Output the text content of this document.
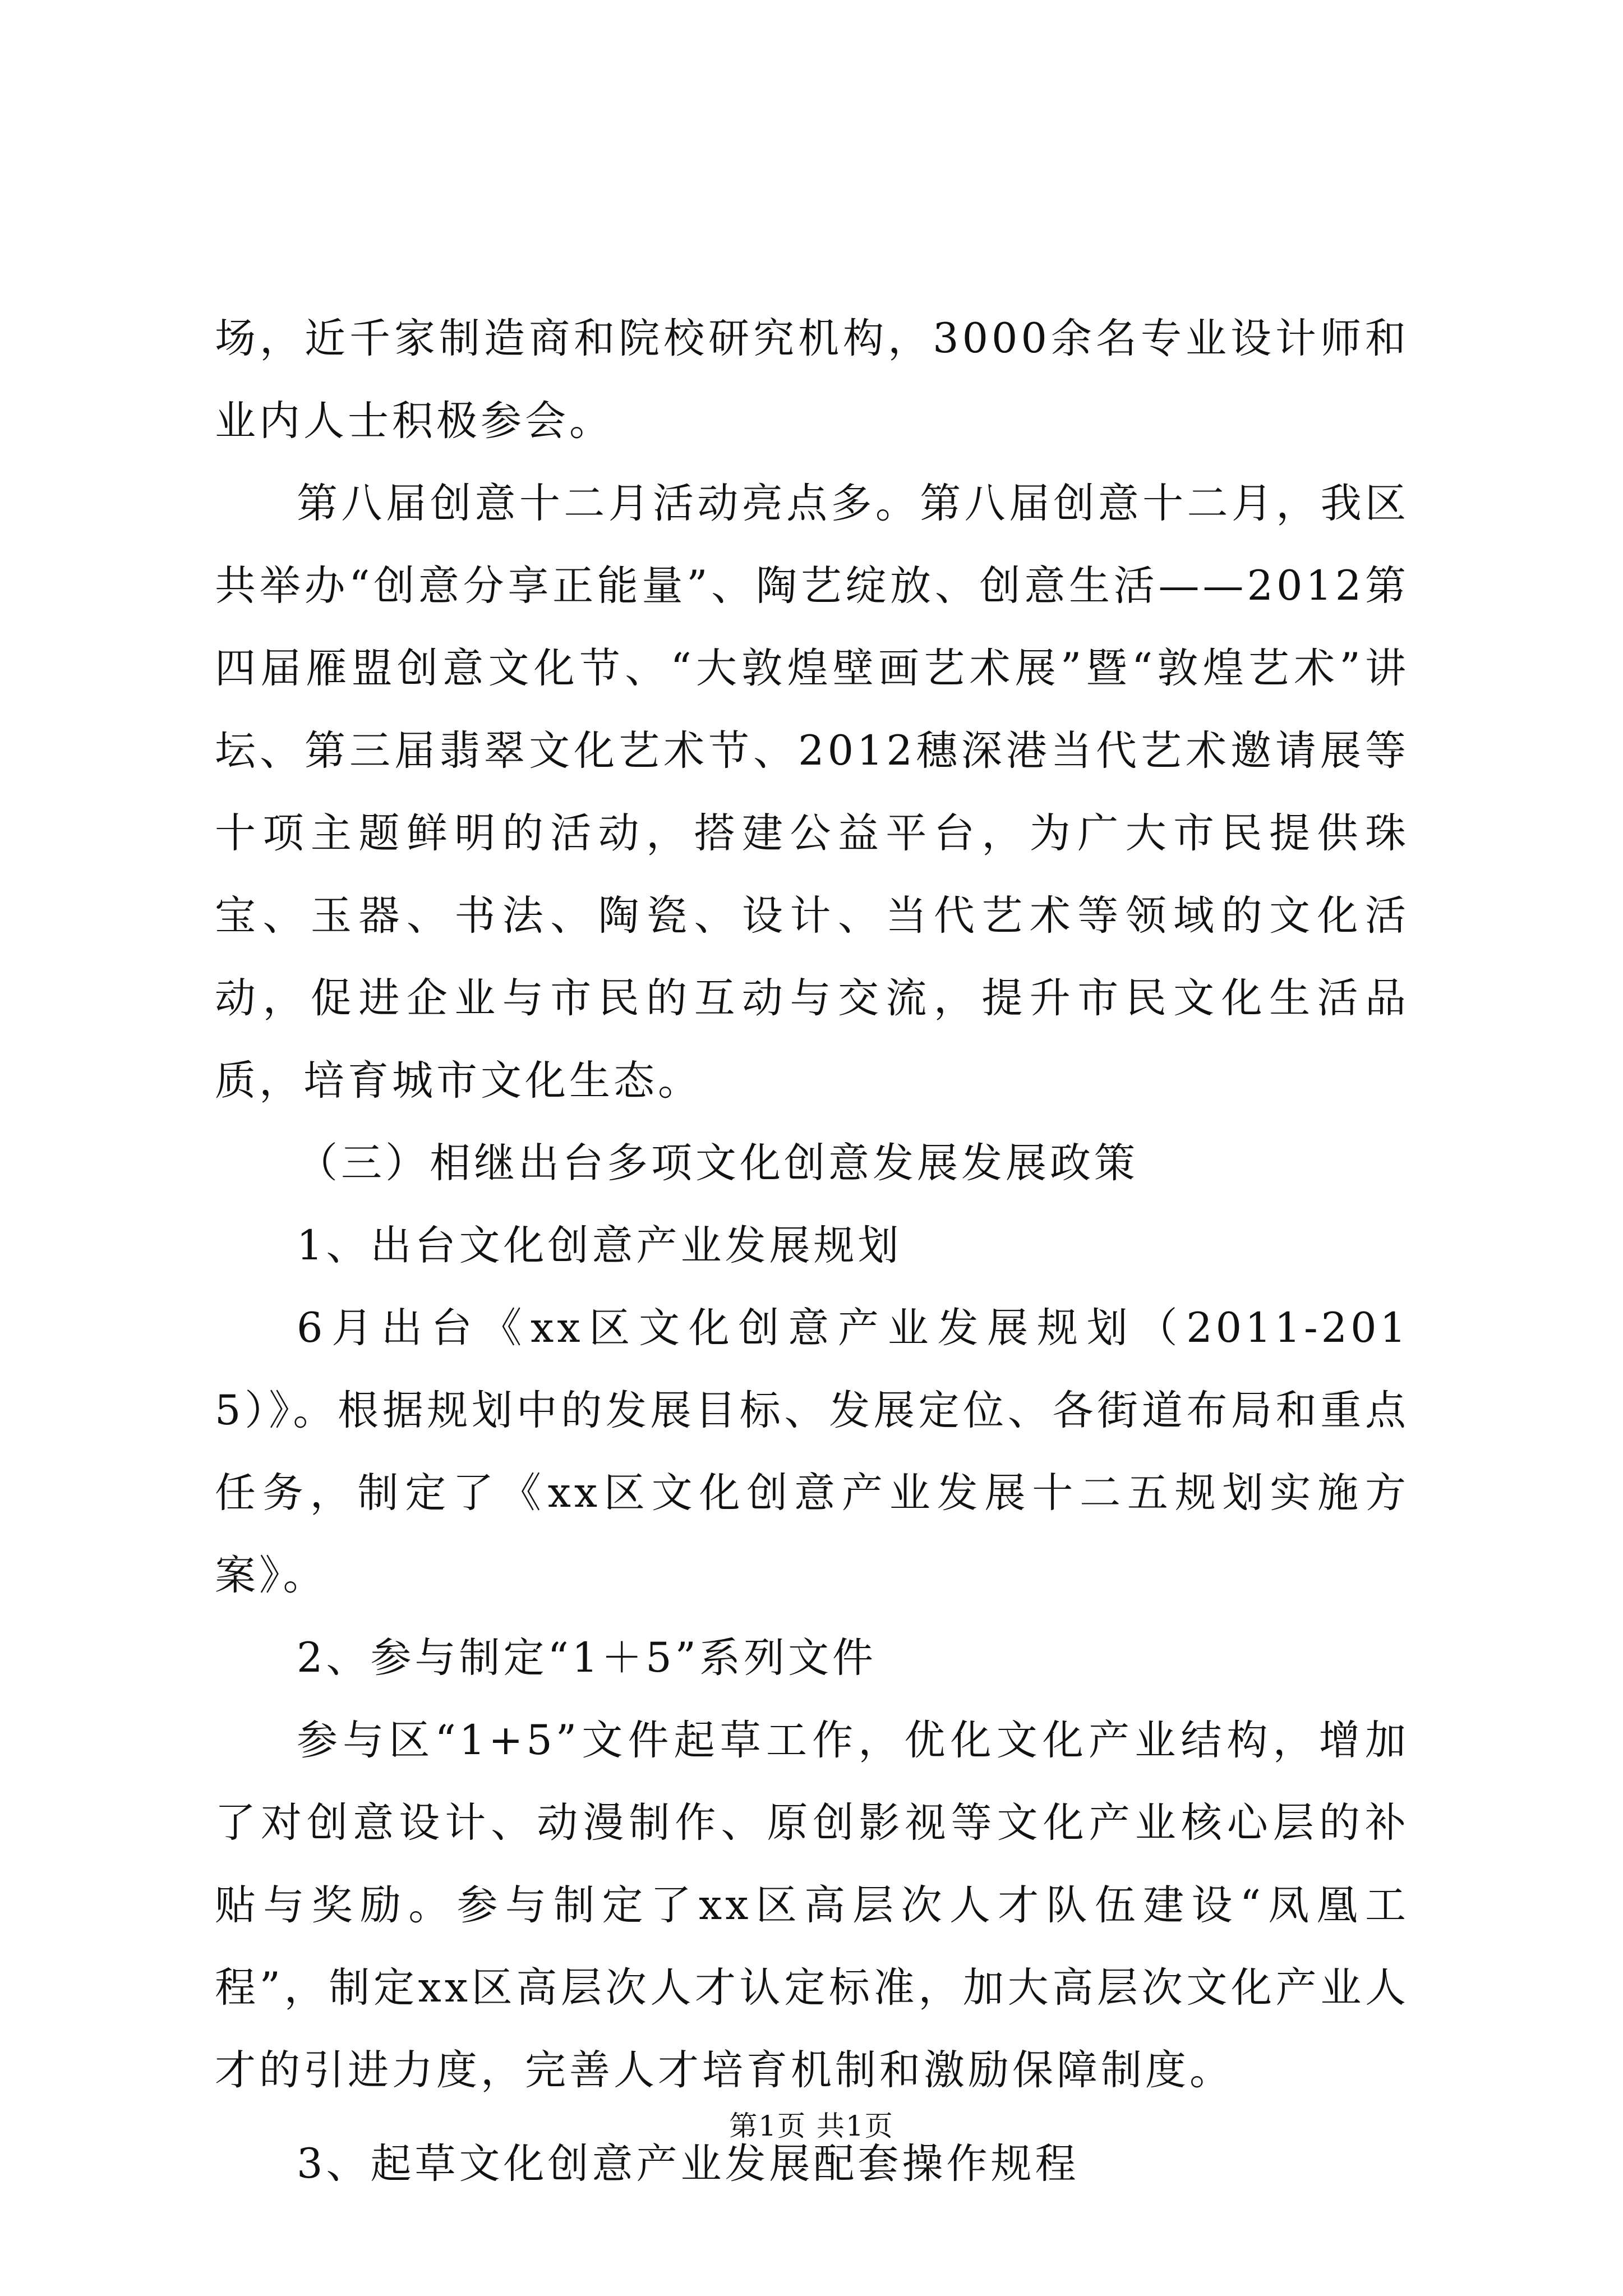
场，近千家制造商和院校研究机构，3000余名专业设计师和业内人士积极参会。

第八届创意十二月活动亮点多。第八届创意十二月，我区共举办“创意分享正能量”、陶艺绽放、创意生活——2012第四届雁盟创意文化节、“大敦煌壁画艺术展”暨“敦煌艺术”讲坛、第三届翡翠文化艺术节、2012穗深港当代艺术邀请展等十项主题鲜明的活动，搭建公益平台，为广大市民提供珠宝、玉器、书法、陶瓷、设计、当代艺术等领域的文化活动，促进企业与市民的互动与交流，提升市民文化生活品质，培育城市文化生态。

（三）相继出台多项文化创意发展发展政策

1、出台文化创意产业发展规划

6月出台《xx区文化创意产业发展规划（2011-2015）》。根据规划中的发展目标、发展定位、各街道布局和重点任务，制定了《xx区文化创意产业发展十二五规划实施方案》。

2、参与制定“1＋5”系列文件

参与区“1+5”文件起草工作，优化文化产业结构，增加了对创意设计、动漫制作、原创影视等文化产业核心层的补贴与奖励。参与制定了xx区高层次人才队伍建设“凤凰工程”，制定xx区高层次人才认定标准，加大高层次文化产业人才的引进力度，完善人才培育机制和激励保障制度。

3、起草文化创意产业发展配套操作规程

第1页 共1页
